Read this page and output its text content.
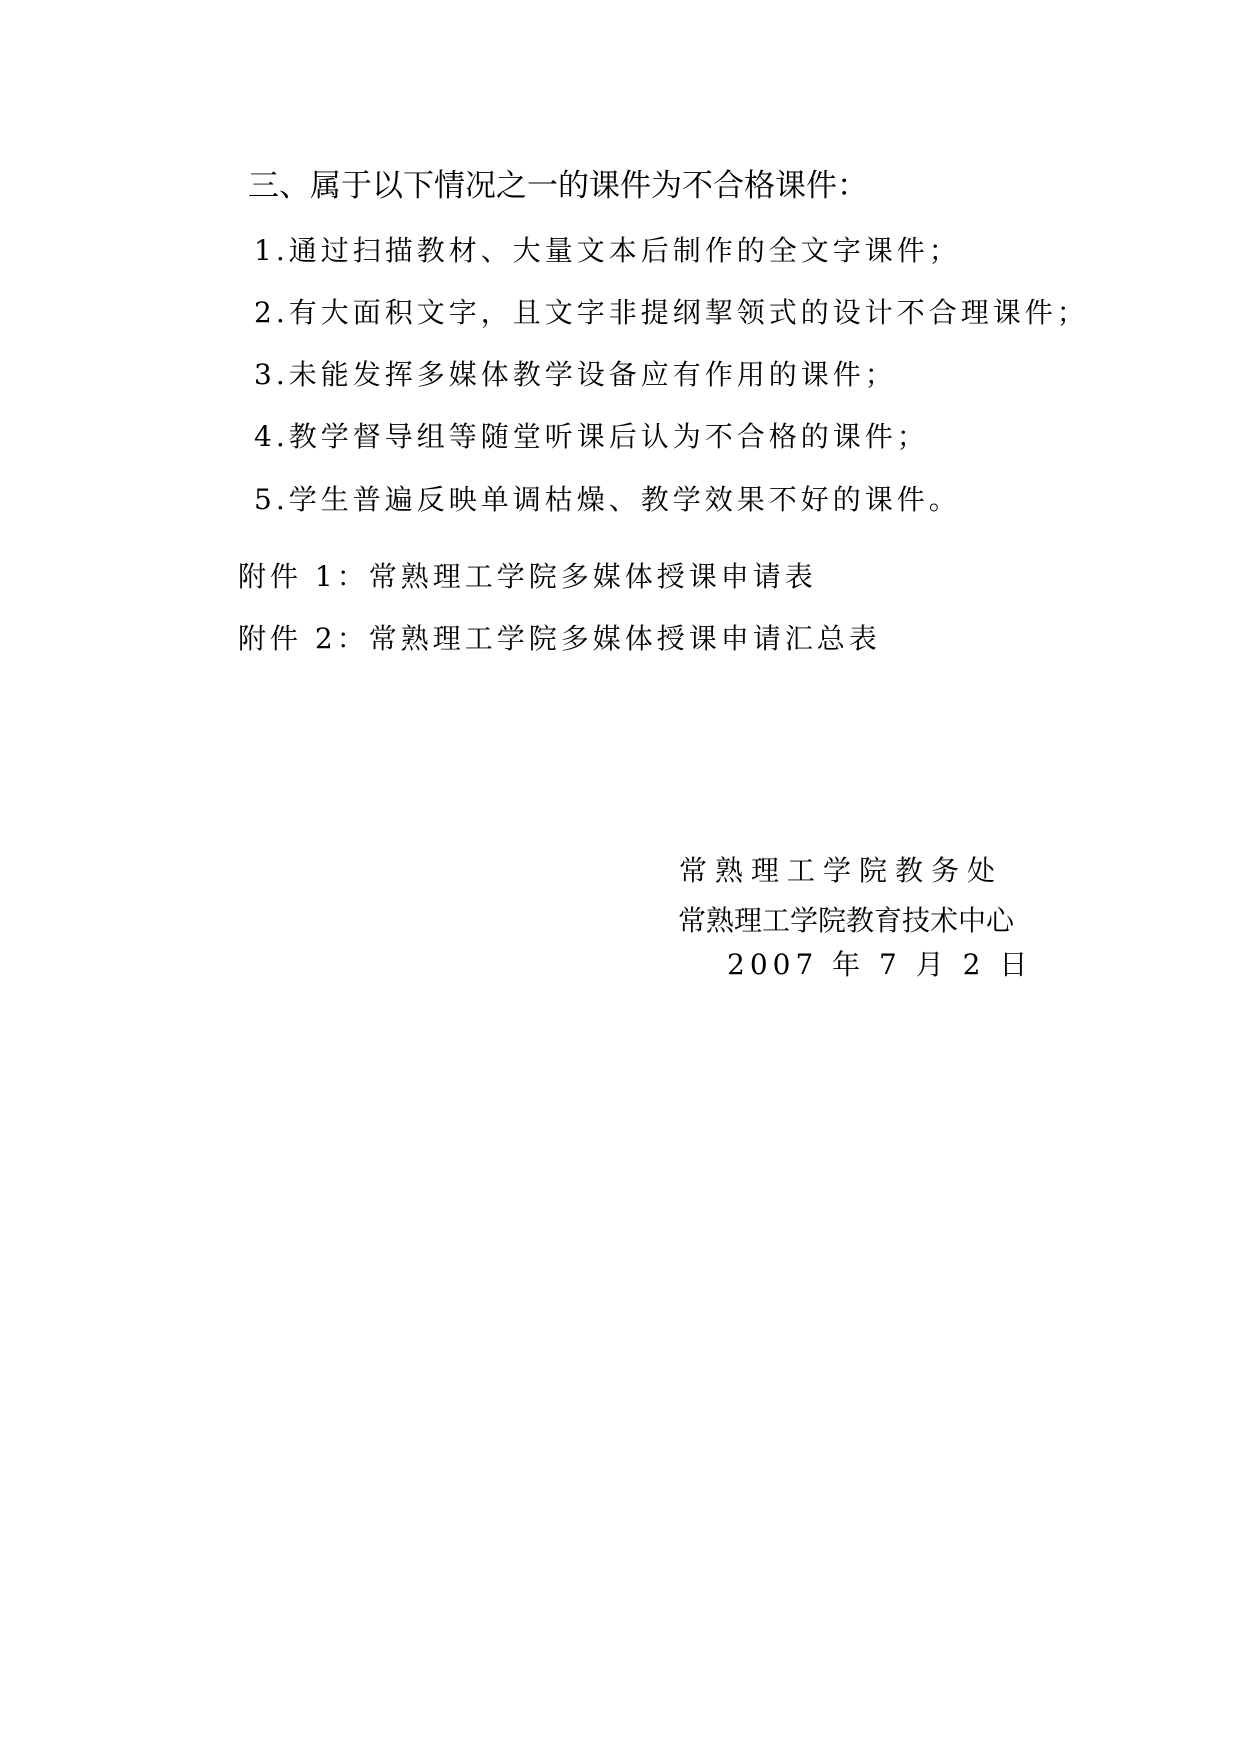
三、属于以下情况之一的课件为不合格课件：
1.通过扫描教材、大量文本后制作的全文字课件；
2.有大面积文字，且文字非提纲挈领式的设计不合理课件；
3.未能发挥多媒体教学设备应有作用的课件；
4.教学督导组等随堂听课后认为不合格的课件；
5.学生普遍反映单调枯燥、教学效果不好的课件。
附件 1：常熟理工学院多媒体授课申请表
附件 2：常熟理工学院多媒体授课申请汇总表
常熟理工学院教务处
常熟理工学院教育技术中心
2007 年 7 月 2 日
